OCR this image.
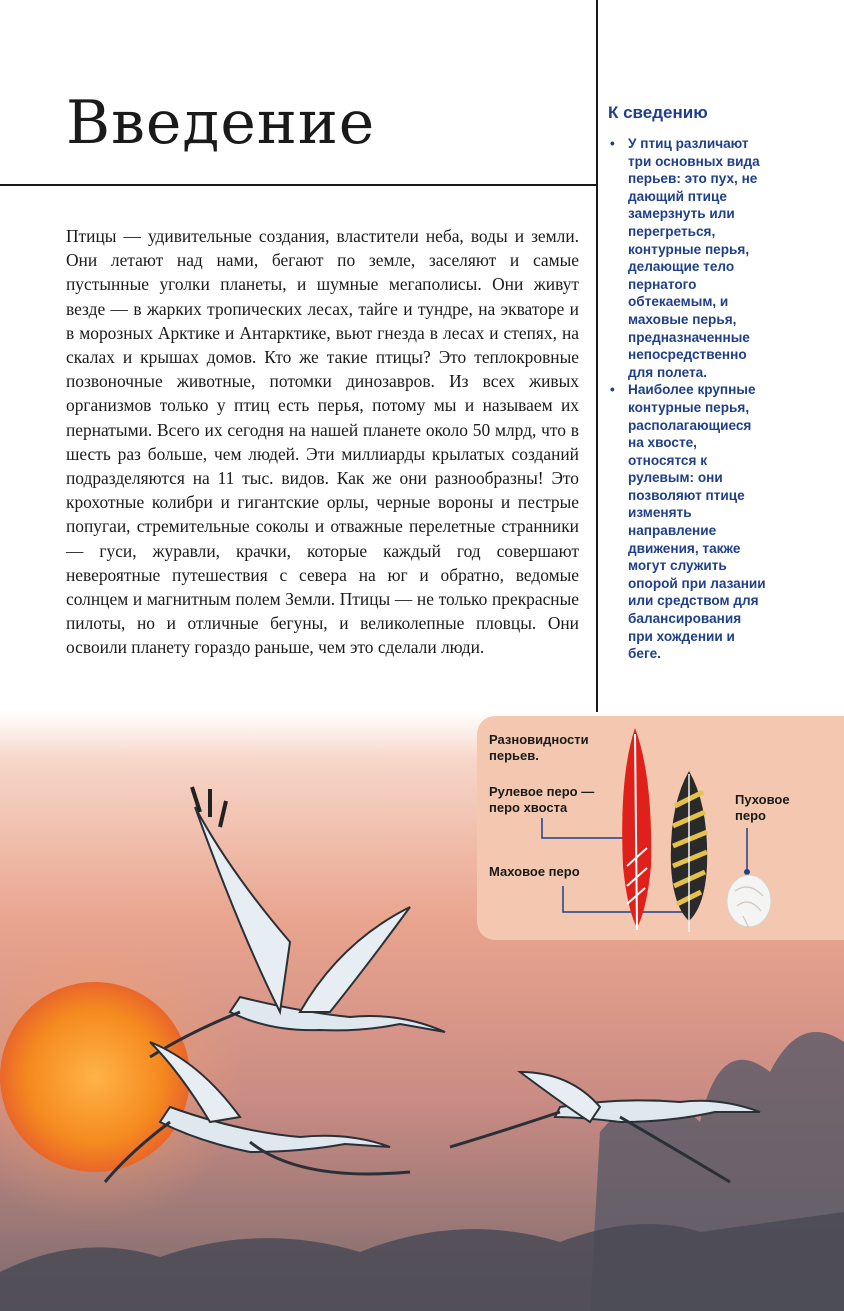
Введение

Птицы — удивительные создания, властители неба, воды и земли. Они летают над нами, бегают по земле, заселяют и самые пустынные уголки планеты, и шумные мегаполисы. Они живут везде — в жарких тропических лесах, тайге и тундре, на экваторе и в морозных Арктике и Антарктике, вьют гнезда в лесах и степях, на скалах и крышах домов. Кто же такие птицы? Это теплокровные позвоночные животные, потомки динозавров. Из всех живых организмов только у птиц есть перья, потому мы и называем их пернатыми. Всего их сегодня на нашей планете около 50 млрд, что в шесть раз больше, чем людей. Эти миллиарды крылатых созданий подразделяются на 11 тыс. видов. Как же они разнообразны! Это крохотные колибри и гигантские орлы, черные вороны и пестрые попугаи, стремительные соколы и отважные перелетные странники — гуси, журавли, крачки, которые каждый год совершают невероятные путешествия с севера на юг и обратно, ведомые солнцем и магнитным полем Земли. Птицы — не только прекрасные пилоты, но и отличные бегуны, и великолепные пловцы. Они освоили планету гораздо раньше, чем это сделали люди.

К сведению
• У птиц различают три основных вида перьев: это пух, не дающий птице замерзнуть или перегреться, контурные перья, делающие тело пернатого обтекаемым, и маховые перья, предназначенные непосредственно для полета.
• Наиболее крупные контурные перья, располагающиеся на хвосте, относятся к рулевым: они позволяют птице изменять направление движения, также могут служить опорой при лазании или средством для балансирования при хождении и беге.

Разновидности перьев.

Рулевое перо — перо хвоста

Маховое перо

Пуховое перо
